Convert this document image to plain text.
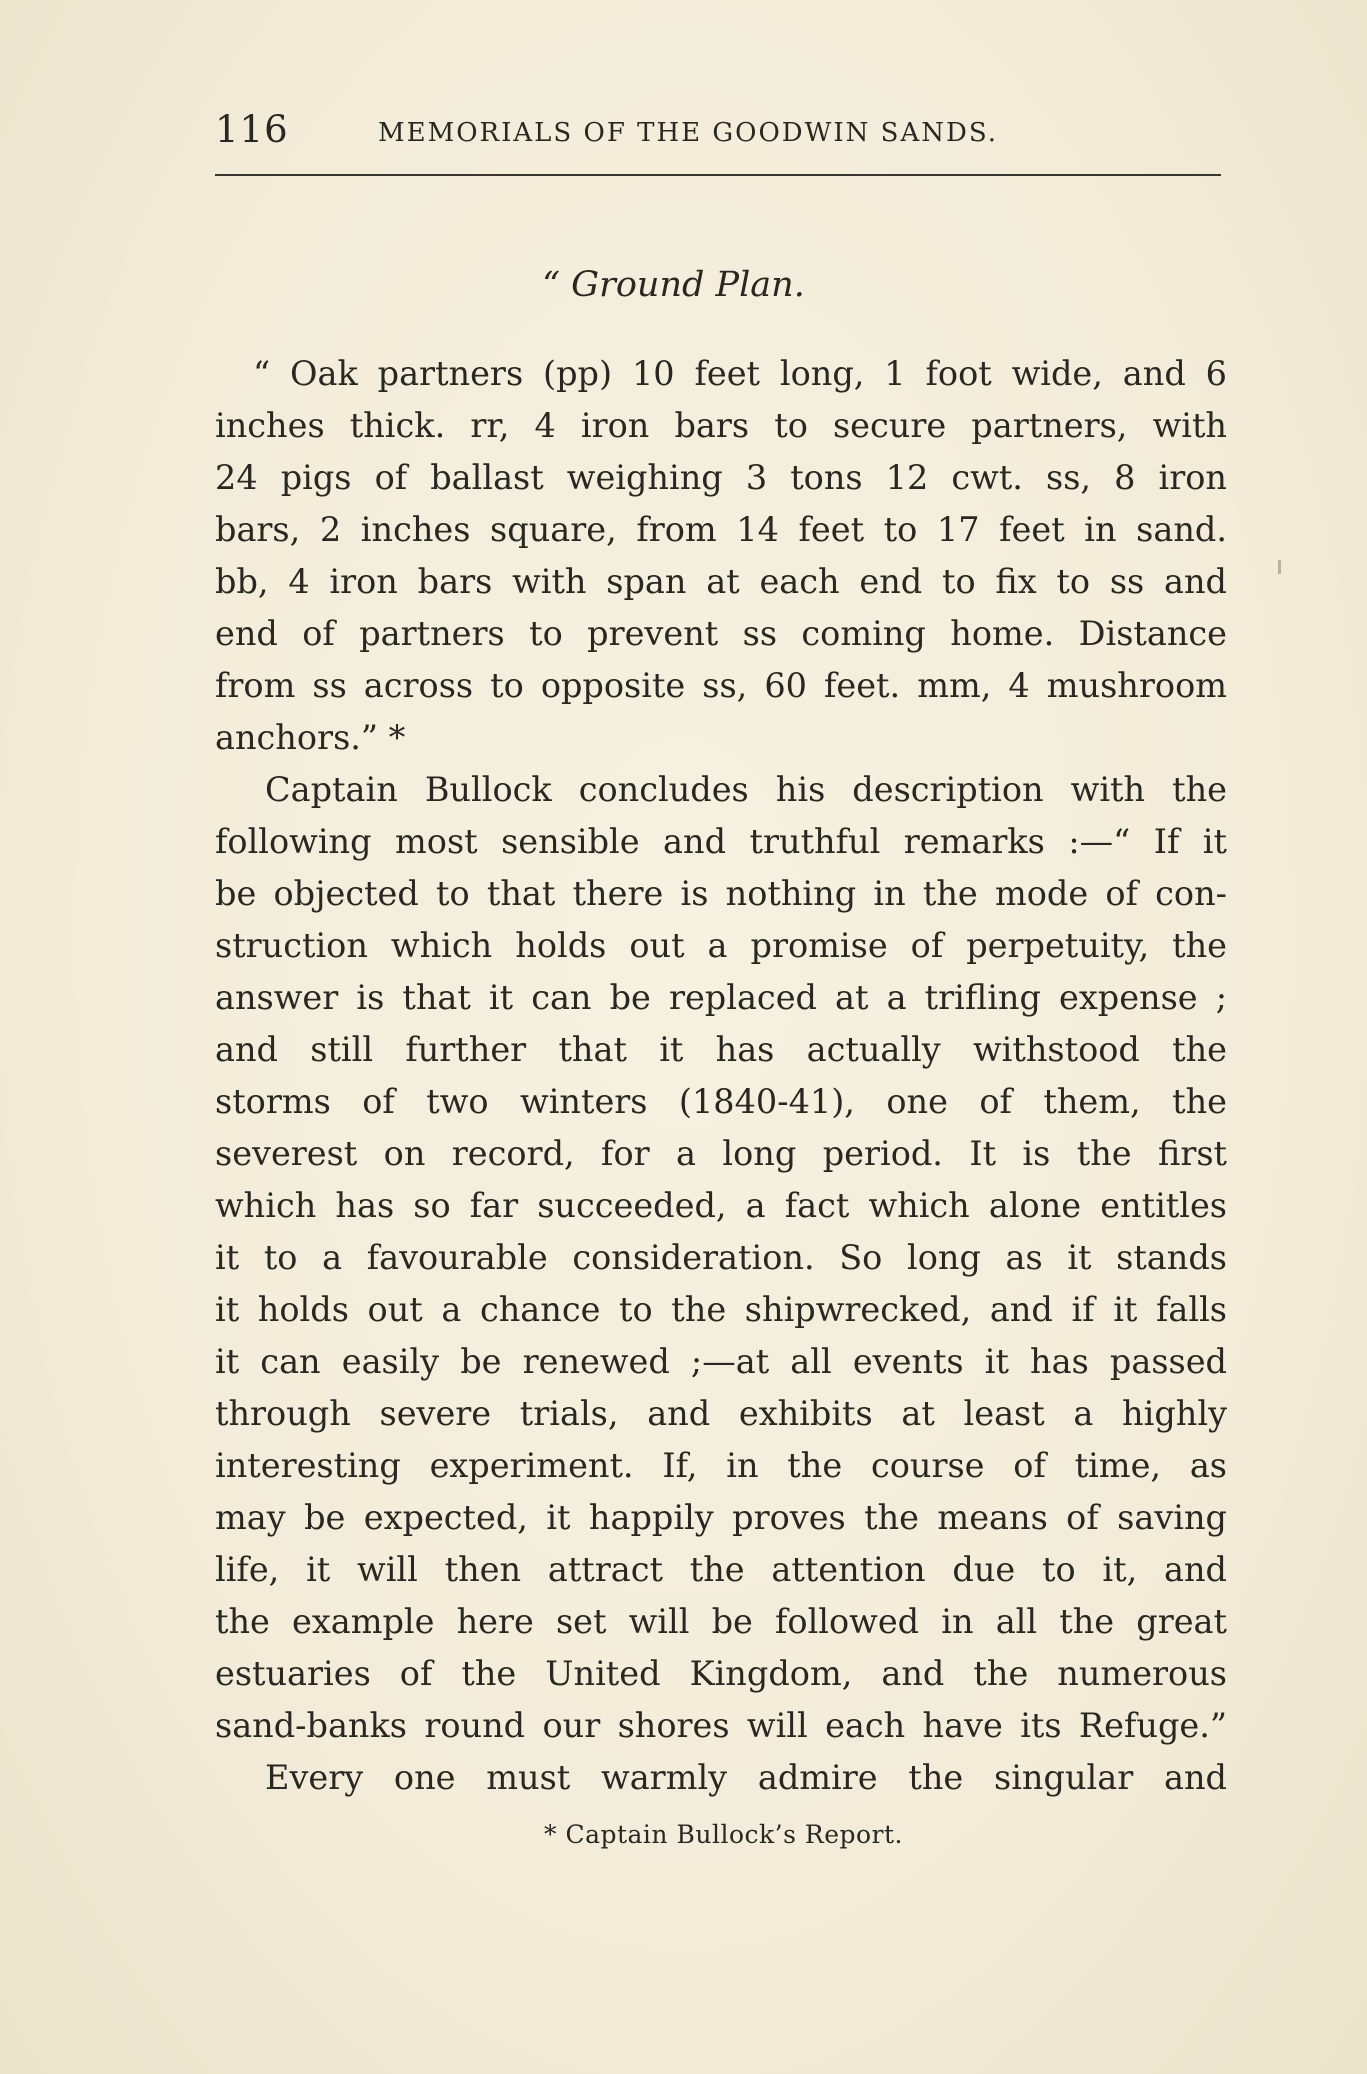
116	MEMORIALS OF THE GOODWIN SANDS.
“ Ground Plan.
“ Oak partners (pp) 10 feet long, 1 foot wide, and 6
inches thick. rr, 4 iron bars to secure partners, with
24 pigs of ballast weighing 3 tons 12 cwt. ss, 8 iron
bars, 2 inches square, from 14 feet to 17 feet in sand.
bb, 4 iron bars with span at each end to fix to ss and
end of partners to prevent ss coming home. Distance
from ss across to opposite ss, 60 feet. mm, 4 mushroom
anchors.” *
Captain Bullock concludes his description with the
following most sensible and truthful remarks :—“ If it
be objected to that there is nothing in the mode of con-
struction which holds out a promise of perpetuity, the
answer is that it can be replaced at a trifling expense ;
and still further that it has actually withstood the
storms of two winters (1840-41), one of them, the
severest on record, for a long period. It is the first
which has so far succeeded, a fact which alone entitles
it to a favourable consideration. So long as it stands
it holds out a chance to the shipwrecked, and if it falls
it can easily be renewed ;—at all events it has passed
through severe trials, and exhibits at least a highly
interesting experiment. If, in the course of time, as
may be expected, it happily proves the means of saving
life, it will then attract the attention due to it, and
the example here set will be followed in all the great
estuaries of the United Kingdom, and the numerous
sand-banks round our shores will each have its Refuge.”
Every one must warmly admire the singular and
* Captain Bullock’s Report.
